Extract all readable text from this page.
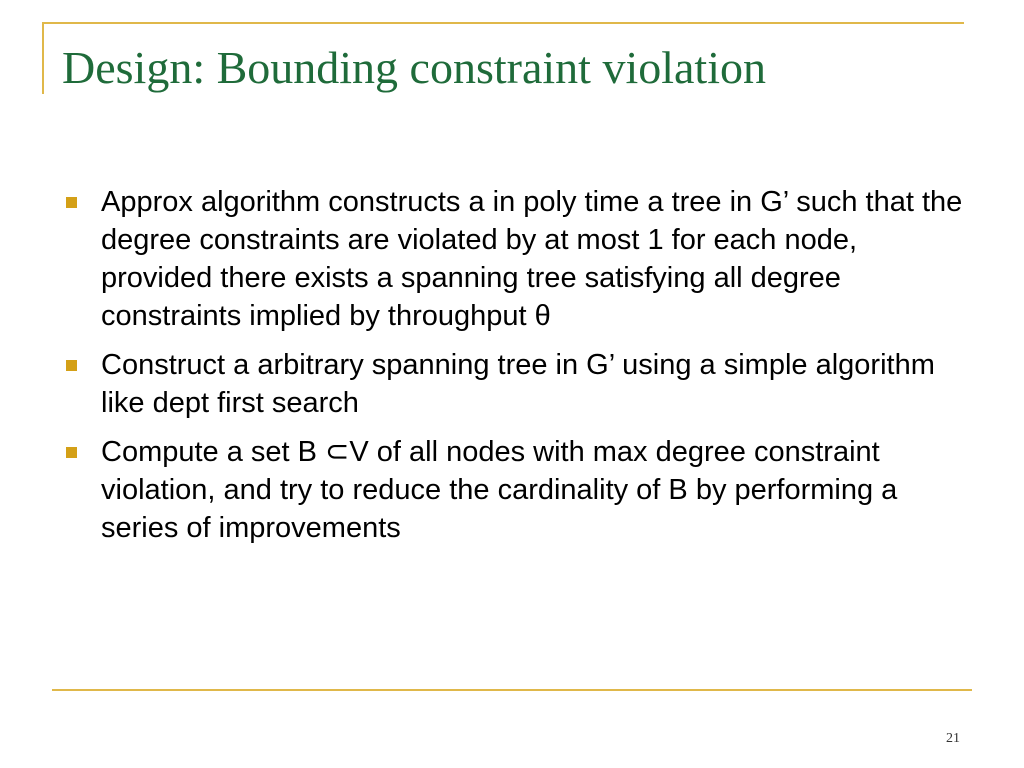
Design: Bounding constraint violation
Approx algorithm constructs a in poly time a tree in G’ such that the degree constraints are violated by at most 1 for each node, provided there exists a spanning tree satisfying all degree constraints implied by throughput θ
Construct a arbitrary spanning tree in G’ using a simple algorithm like dept first search
Compute a set B ⊂V of all nodes with max degree constraint violation, and try to reduce the cardinality of B by performing a series of improvements
21
